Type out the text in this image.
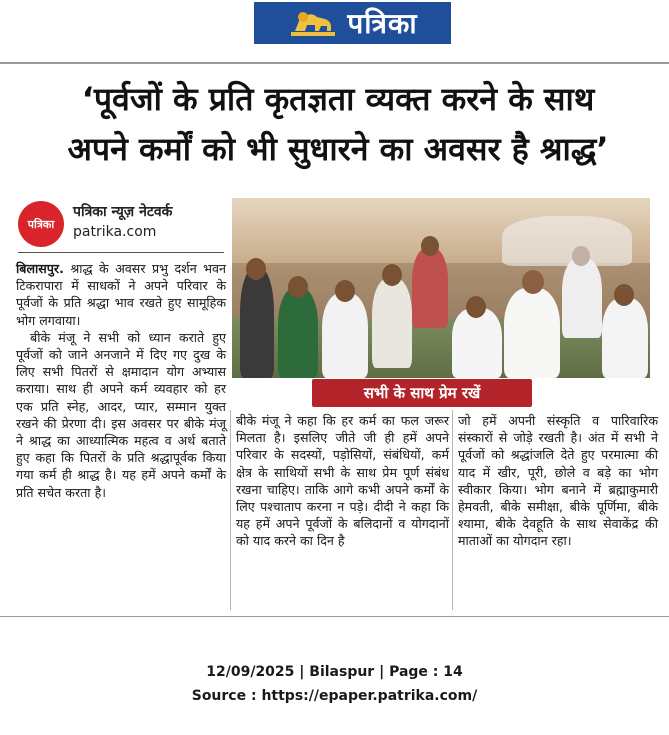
पत्रिका
‘पूर्वजों के प्रति कृतज्ञता व्यक्त करने के साथ
अपने कर्मों को भी सुधारने का अवसर है श्राद्ध’
पत्रिका
पत्रिका न्यूज़ नेटवर्क
patrika.com

बिलासपुर. श्राद्ध के अवसर प्रभु दर्शन भवन टिकरापारा में साधकों ने अपने परिवार के पूर्वजों के प्रति श्रद्धा भाव रखते हुए सामूहिक भोग लगवाया।

बीके मंजू ने सभी को ध्यान कराते हुए पूर्वजों को जाने अनजाने में दिए गए दुख के लिए सभी पितरों से क्षमादान योग अभ्यास कराया। साथ ही अपने कर्म व्यवहार को हर एक प्रति स्नेह, आदर, प्यार, सम्मान युक्त रखने की प्रेरणा दी। इस अवसर पर बीके मंजू ने श्राद्ध का आध्यात्मिक महत्व व अर्थ बताते हुए कहा कि पितरों के प्रति श्रद्धापूर्वक किया गया कर्म ही श्राद्ध है। यह हमें अपने कर्मों के प्रति सचेत करता है।

सभी के साथ प्रेम रखें

बीके मंजू ने कहा कि हर कर्म का फल जरूर मिलता है। इसलिए जीते जी ही हमें अपने परिवार के सदस्यों, पड़ोसियों, संबंधियों, कर्म क्षेत्र के साथियों सभी के साथ प्रेम पूर्ण संबंध रखना चाहिए। ताकि आगे कभी अपने कर्मों के लिए पश्चाताप करना न पड़े। दीदी ने कहा कि यह हमें अपने पूर्वजों के बलिदानों व योगदानों को याद करने का दिन है

जो हमें अपनी संस्कृति व पारिवारिक संस्कारों से जोड़े रखती है। अंत में सभी ने पूर्वजों को श्रद्धांजलि देते हुए परमात्मा की याद में खीर, पूरी, छोले व बड़े का भोग स्वीकार किया। भोग बनाने में ब्रह्माकुमारी हेमवती, बीके समीक्षा, बीके पूर्णिमा, बीके श्यामा, बीके देवहूति के साथ सेवाकेंद्र की माताओं का योगदान रहा।

12/09/2025 | Bilaspur | Page : 14
Source : https://epaper.patrika.com/
